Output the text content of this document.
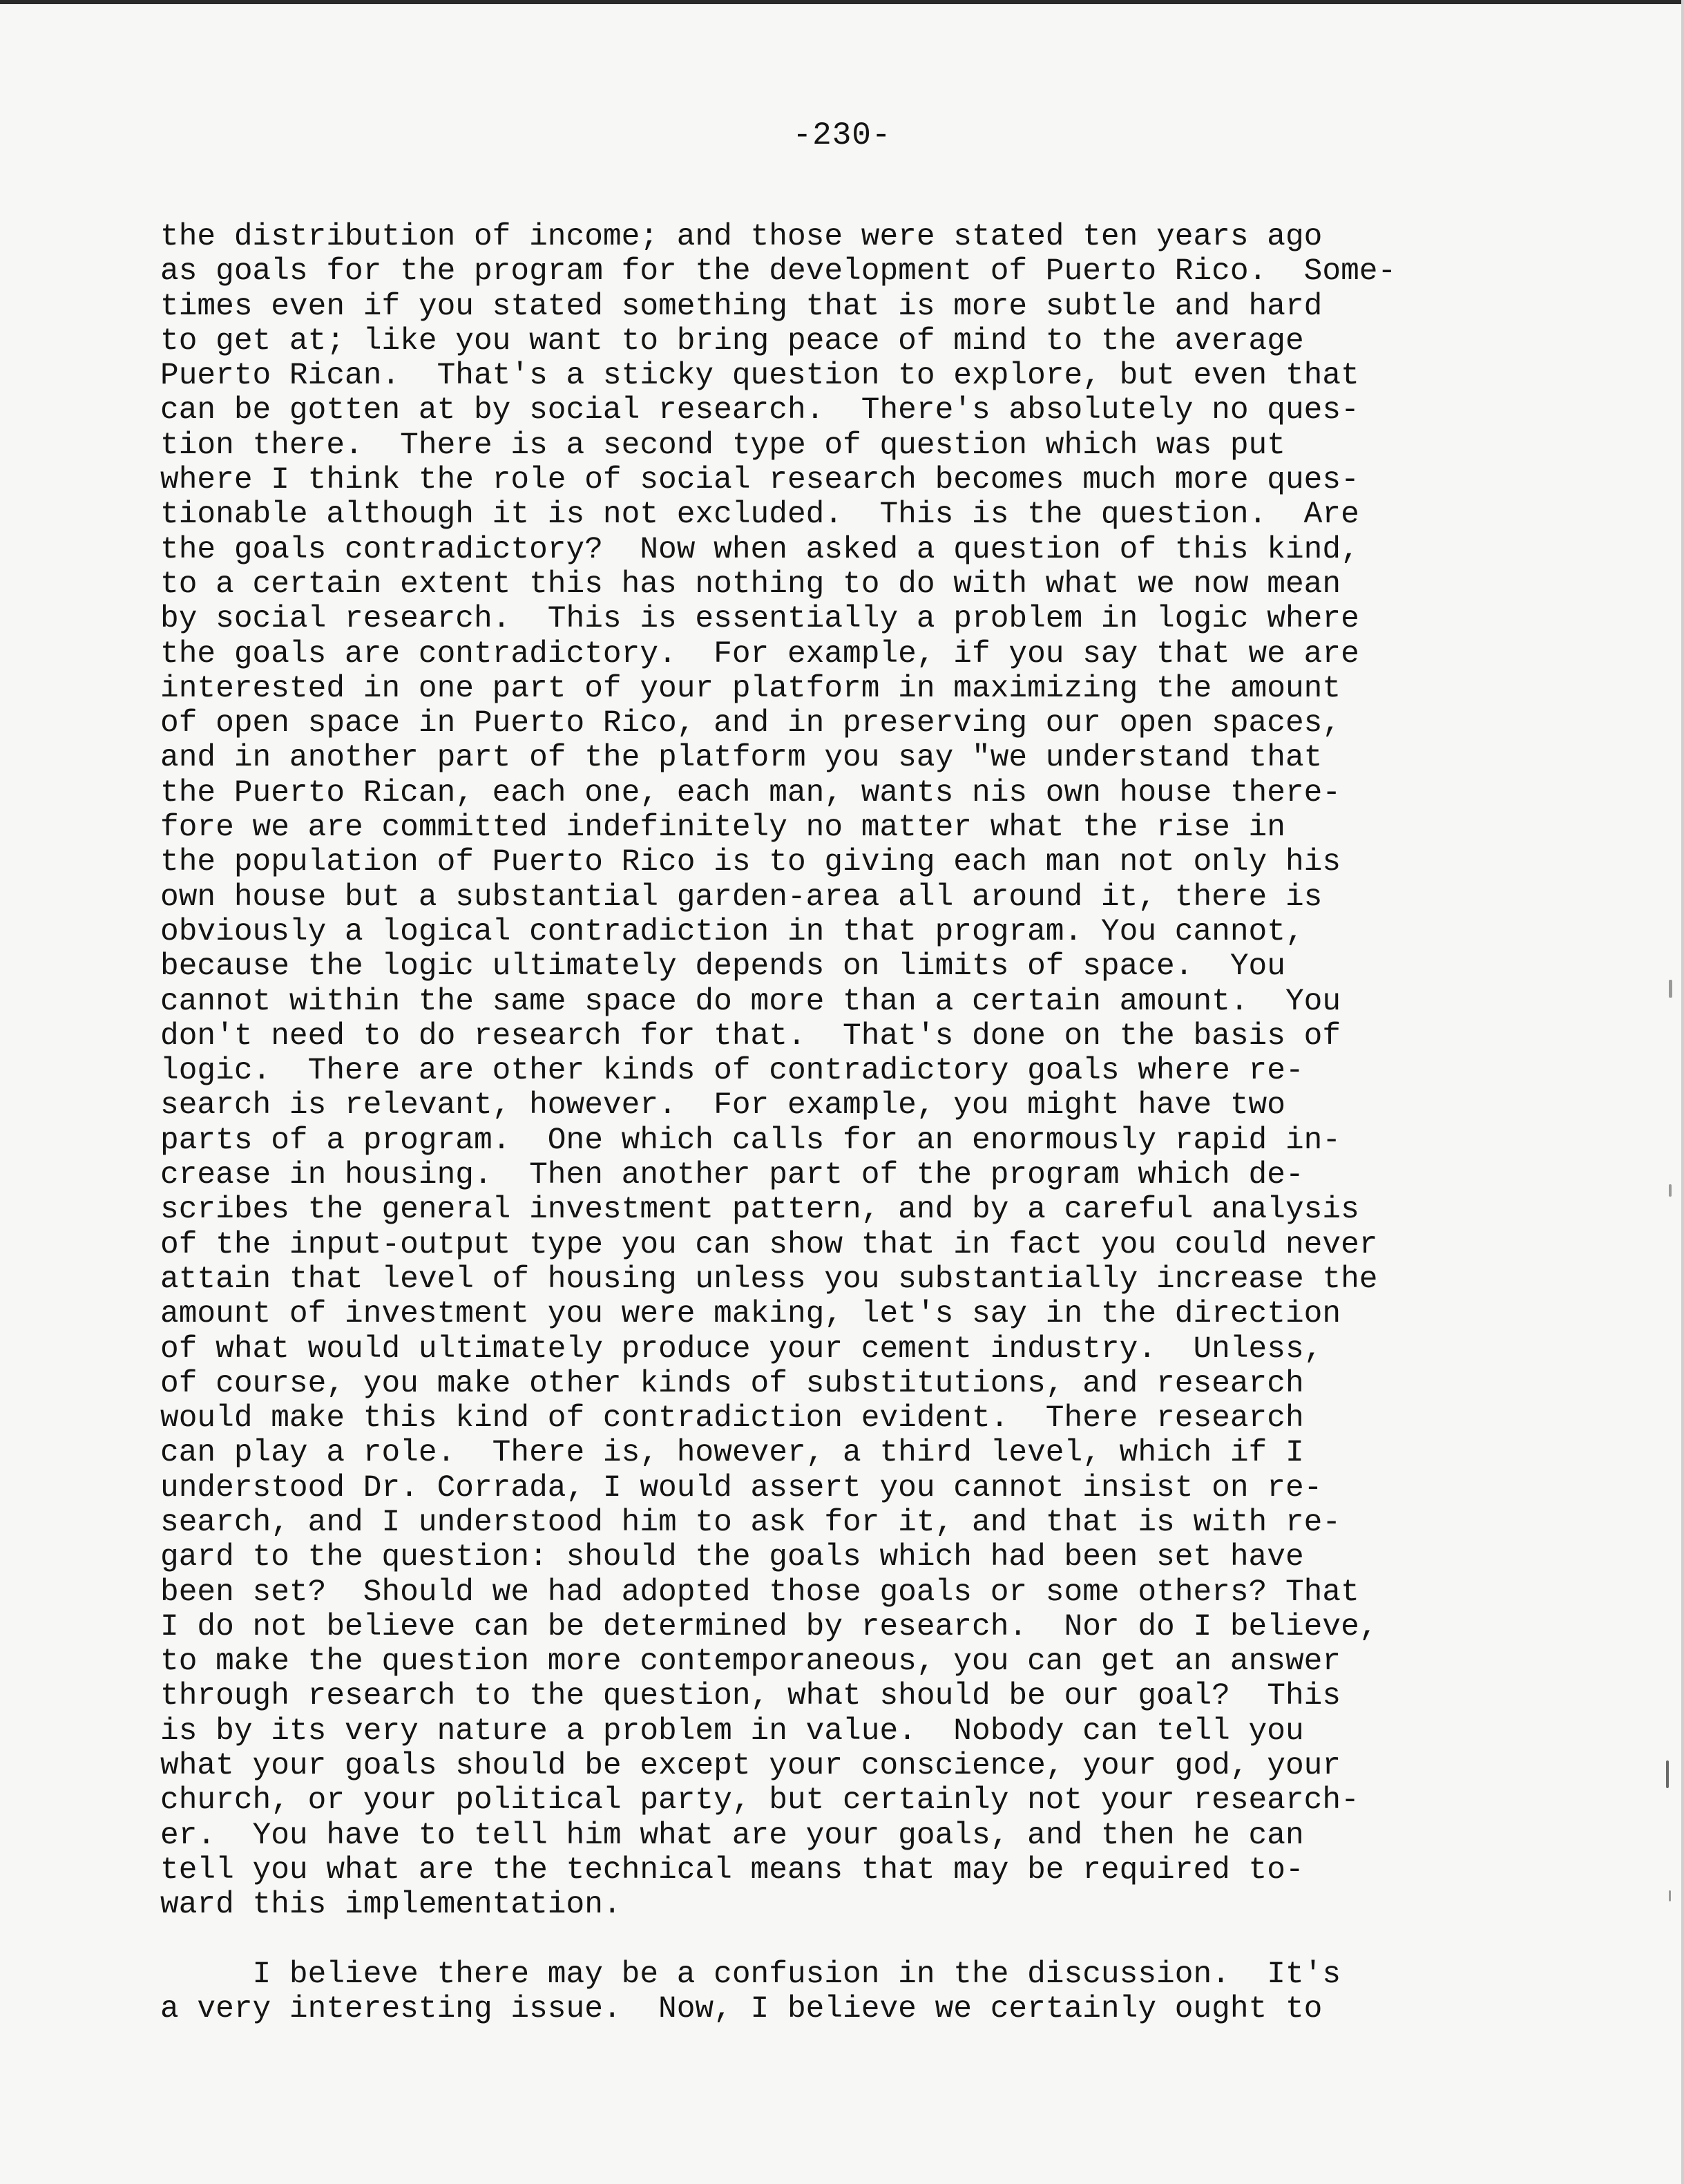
-230-
the distribution of income; and those were stated ten years ago
as goals for the program for the development of Puerto Rico.  Some-
times even if you stated something that is more subtle and hard
to get at; like you want to bring peace of mind to the average
Puerto Rican.  That's a sticky question to explore, but even that
can be gotten at by social research.  There's absolutely no ques-
tion there.  There is a second type of question which was put
where I think the role of social research becomes much more ques-
tionable although it is not excluded.  This is the question.  Are
the goals contradictory?  Now when asked a question of this kind,
to a certain extent this has nothing to do with what we now mean
by social research.  This is essentially a problem in logic where
the goals are contradictory.  For example, if you say that we are
interested in one part of your platform in maximizing the amount
of open space in Puerto Rico, and in preserving our open spaces,
and in another part of the platform you say "we understand that
the Puerto Rican, each one, each man, wants nis own house there-
fore we are committed indefinitely no matter what the rise in
the population of Puerto Rico is to giving each man not only his
own house but a substantial garden-area all around it, there is
obviously a logical contradiction in that program. You cannot,
because the logic ultimately depends on limits of space.  You
cannot within the same space do more than a certain amount.  You
don't need to do research for that.  That's done on the basis of
logic.  There are other kinds of contradictory goals where re-
search is relevant, however.  For example, you might have two
parts of a program.  One which calls for an enormously rapid in-
crease in housing.  Then another part of the program which de-
scribes the general investment pattern, and by a careful analysis
of the input-output type you can show that in fact you could never
attain that level of housing unless you substantially increase the
amount of investment you were making, let's say in the direction
of what would ultimately produce your cement industry.  Unless,
of course, you make other kinds of substitutions, and research
would make this kind of contradiction evident.  There research
can play a role.  There is, however, a third level, which if I
understood Dr. Corrada, I would assert you cannot insist on re-
search, and I understood him to ask for it, and that is with re-
gard to the question: should the goals which had been set have
been set?  Should we had adopted those goals or some others? That
I do not believe can be determined by research.  Nor do I believe,
to make the question more contemporaneous, you can get an answer
through research to the question, what should be our goal?  This
is by its very nature a problem in value.  Nobody can tell you
what your goals should be except your conscience, your god, your
church, or your political party, but certainly not your research-
er.  You have to tell him what are your goals, and then he can
tell you what are the technical means that may be required to-
ward this implementation.
I believe there may be a confusion in the discussion.  It's
a very interesting issue.  Now, I believe we certainly ought to
